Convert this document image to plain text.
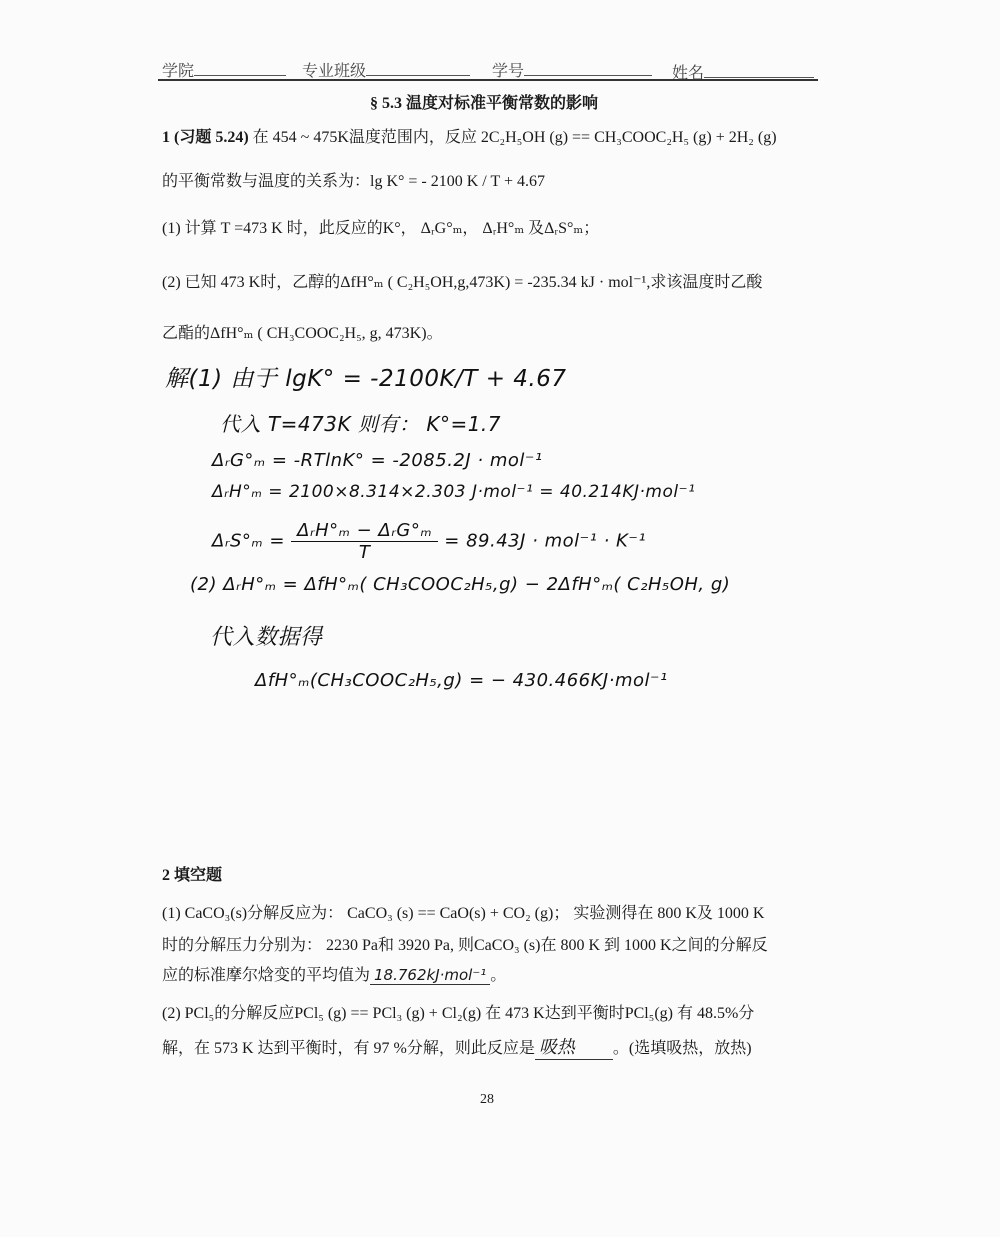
学院	专业班级	学号	姓名
§ 5.3 温度对标准平衡常数的影响
1 (习题 5.24) 在 454 ~ 475K温度范围内，反应 2C₂H₅OH (g) == CH₃COOC₂H₅ (g) + 2H₂ (g)
的平衡常数与温度的关系为：lg K° = - 2100 K / T + 4.67
(1) 计算 T =473 K 时，此反应的K°， ΔᵣG°ₘ， ΔᵣH°ₘ 及ΔᵣS°ₘ；
(2) 已知 473 K时，乙醇的ΔfH°ₘ ( C₂H₅OH,g,473K) = -235.34 kJ · mol⁻¹,求该温度时乙酸
乙酯的ΔfH°ₘ ( CH₃COOC₂H₅, g, 473K)。
解(1) 由于 lgK° = -2100K/T + 4.67
代入 T=473K 则有： K°=1.7
ΔᵣG°ₘ = -RTlnK° = -2085.2J · mol⁻¹
ΔᵣH°ₘ = 2100×8.314×2.303 J·mol⁻¹ = 40.214KJ·mol⁻¹
ΔᵣS°ₘ = $\frac{\text{ΔᵣH°ₘ − ΔᵣG°ₘ}}{T} = 89.43J \cdot mol^{-1} \cdot K^{-1}$
(2) ΔᵣH°ₘ = ΔfH°ₘ( CH₃COOC₂H₅,g) − 2ΔfH°ₘ( C₂H₅OH, g)
代入数据得
ΔfH°ₘ(CH₃COOC₂H₅,g) = − 430.466KJ·mol⁻¹
2 填空题
(1) CaCO₃(s)分解反应为： CaCO₃ (s) == CaO(s) + CO₂ (g)； 实验测得在 800 K及 1000 K
时的分解压力分别为： 2230 Pa和 3920 Pa, 则CaCO₃ (s)在 800 K 到 1000 K之间的分解反
应的标准摩尔焓变的平均值为 18.762kJ·mol⁻¹ 。
(2) PCl₅的分解反应PCl₅ (g) == PCl₃ (g) + Cl₂(g) 在 473 K达到平衡时PCl₅(g) 有 48.5%分
解，在 573 K 达到平衡时，有 97 %分解，则此反应是 吸热 。(选填吸热，放热)
28
